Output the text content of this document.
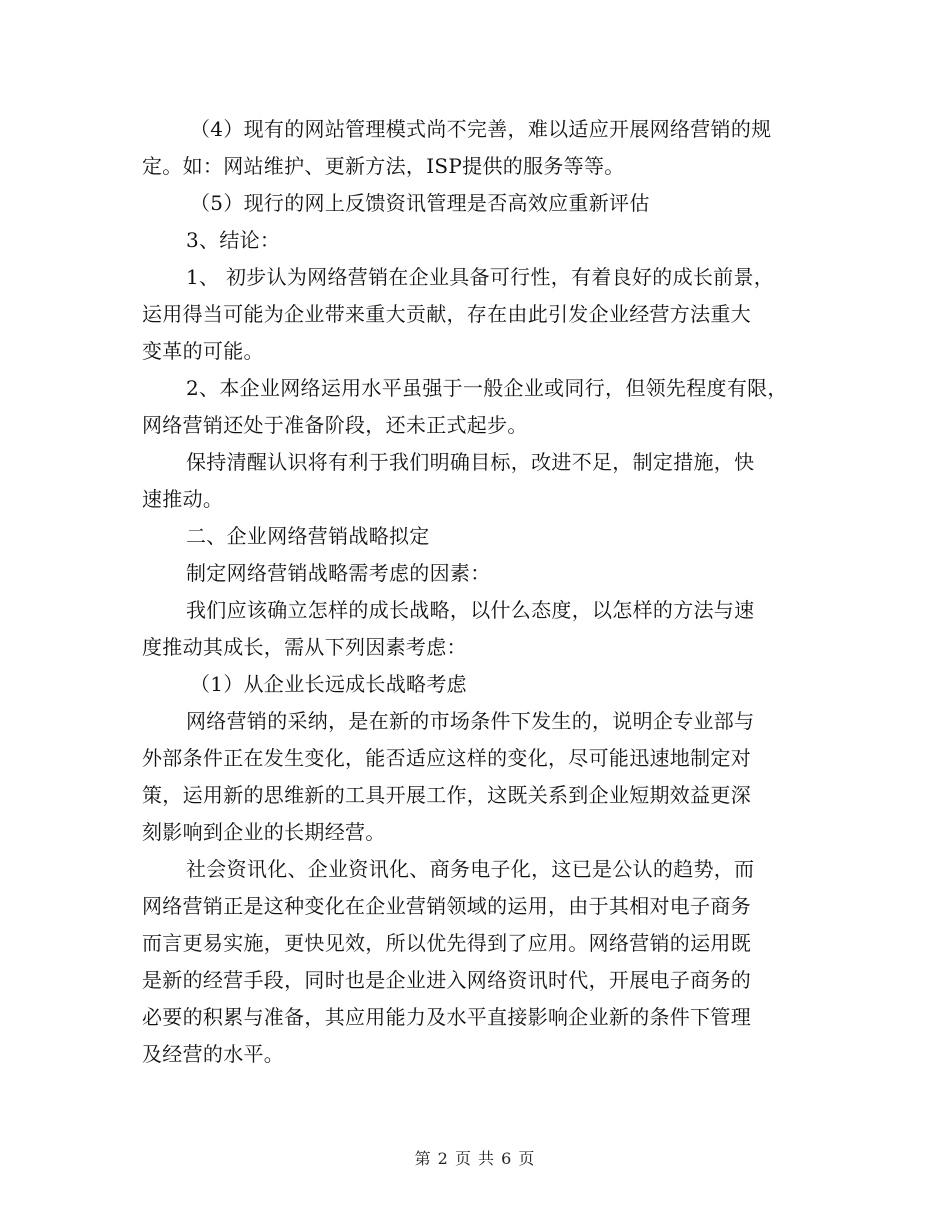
（4）现有的网站管理模式尚不完善，难以适应开展网络营销的规
定。如：网站维护、更新方法，ISP提供的服务等等。
（5）现行的网上反馈资讯管理是否高效应重新评估
3、结论：
1、 初步认为网络营销在企业具备可行性，有着良好的成长前景，
运用得当可能为企业带来重大贡献，存在由此引发企业经营方法重大
变革的可能。
2、本企业网络运用水平虽强于一般企业或同行，但领先程度有限，
网络营销还处于准备阶段，还未正式起步。
保持清醒认识将有利于我们明确目标，改进不足，制定措施，快
速推动。
二、企业网络营销战略拟定
制定网络营销战略需考虑的因素：
我们应该确立怎样的成长战略，以什么态度，以怎样的方法与速
度推动其成长，需从下列因素考虑：
（1）从企业长远成长战略考虑
网络营销的采纳，是在新的市场条件下发生的，说明企专业部与
外部条件正在发生变化，能否适应这样的变化，尽可能迅速地制定对
策，运用新的思维新的工具开展工作，这既关系到企业短期效益更深
刻影响到企业的长期经营。
社会资讯化、企业资讯化、商务电子化，这已是公认的趋势，而
网络营销正是这种变化在企业营销领域的运用，由于其相对电子商务
而言更易实施，更快见效，所以优先得到了应用。网络营销的运用既
是新的经营手段，同时也是企业进入网络资讯时代，开展电子商务的
必要的积累与准备，其应用能力及水平直接影响企业新的条件下管理
及经营的水平。
第 2 页 共 6 页
